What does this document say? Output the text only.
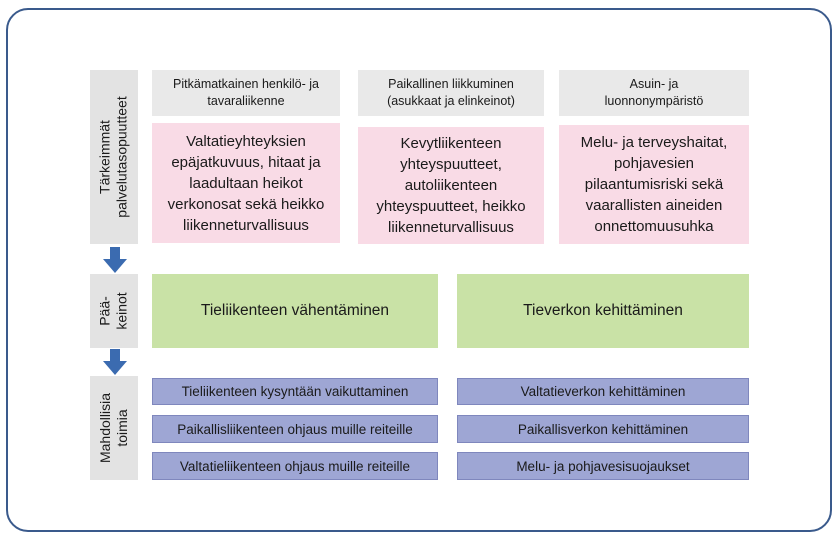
Tärkeimmät palvelutasopuutteet
Pää- keinot
Mahdollisia toimia
Pitkämatkainen henkilö- ja
tavaraliikenne
Paikallinen liikkuminen
(asukkaat ja elinkeinot)
Asuin- ja
luonnonympäristö
Valtatieyhteyksien
epäjatkuvuus, hitaat ja
laadultaan heikot
verkonosat sekä heikko
liikenneturvallisuus
Kevytliikenteen
yhteyspuutteet,
autoliikenteen
yhteyspuutteet, heikko
liikenneturvallisuus
Melu- ja terveyshaitat,
pohjavesien
pilaantumisriski sekä
vaarallisten aineiden
onnettomuusuhka
Tieliikenteen vähentäminen	Tieverkon kehittäminen
Tieliikenteen kysyntään vaikuttaminen
Paikallisliikenteen ohjaus muille reiteille
Valtatieliikenteen ohjaus muille reiteille
Valtatieverkon kehittäminen
Paikallisverkon kehittäminen
Melu- ja pohjavesisuojaukset
